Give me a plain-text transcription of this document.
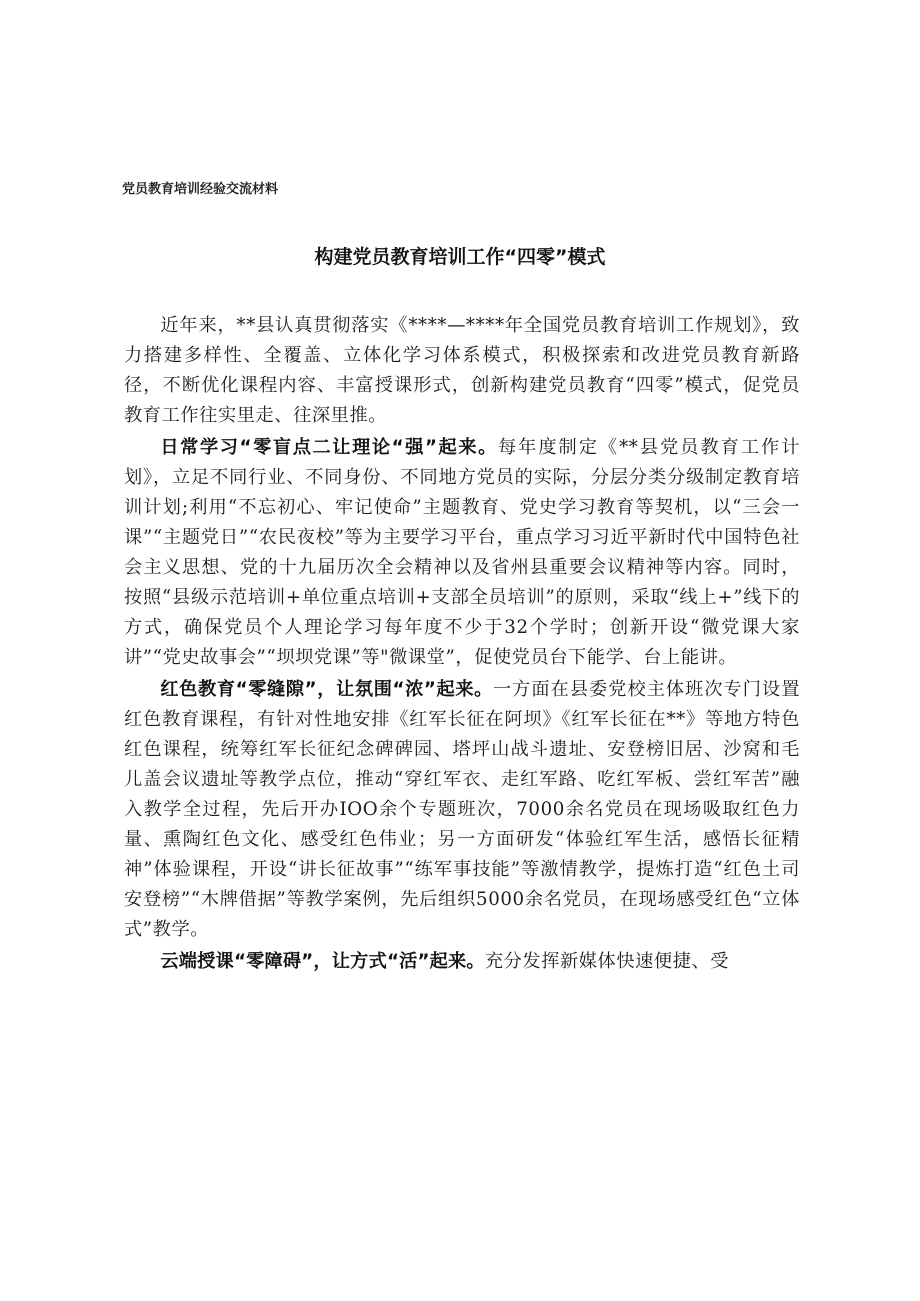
党员教育培训经验交流材料

构建党员教育培训工作“四零”模式

近年来，**县认真贯彻落实《****—****年全国党员教育培训工作规划》，致力搭建多样性、全覆盖、立体化学习体系模式，积极探索和改进党员教育新路径，不断优化课程内容、丰富授课形式，创新构建党员教育“四零”模式，促党员教育工作往实里走、往深里推。

日常学习“零盲点二让理论“强”起来。每年度制定《**县党员教育工作计划》，立足不同行业、不同身份、不同地方党员的实际，分层分类分级制定教育培训计划;利用“不忘初心、牢记使命”主题教育、党史学习教育等契机，以“三会一课”“主题党日”“农民夜校”等为主要学习平台，重点学习习近平新时代中国特色社会主义思想、党的十九届历次全会精神以及省州县重要会议精神等内容。同时，按照“县级示范培训+单位重点培训+支部全员培训”的原则，采取“线上+”线下的方式，确保党员个人理论学习每年度不少于32个学时；创新开设“微党课大家讲”“党史故事会”“坝坝党课”等"微课堂”，促使党员台下能学、台上能讲。

红色教育“零缝隙”，让氛围“浓”起来。一方面在县委党校主体班次专门设置红色教育课程，有针对性地安排《红军长征在阿坝》《红军长征在**》等地方特色红色课程，统筹红军长征纪念碑碑园、塔坪山战斗遗址、安登榜旧居、沙窝和毛儿盖会议遗址等教学点位，推动“穿红军衣、走红军路、吃红军板、尝红军苦”融入教学全过程，先后开办IOO余个专题班次，7000余名党员在现场吸取红色力量、熏陶红色文化、感受红色伟业；另一方面研发“体验红军生活，感悟长征精神”体验课程，开设“讲长征故事”“练军事技能”等激情教学，提炼打造“红色土司安登榜”“木牌借据”等教学案例，先后组织5000余名党员，在现场感受红色“立体式”教学。

云端授课“零障碍”，让方式“活”起来。充分发挥新媒体快速便捷、受
